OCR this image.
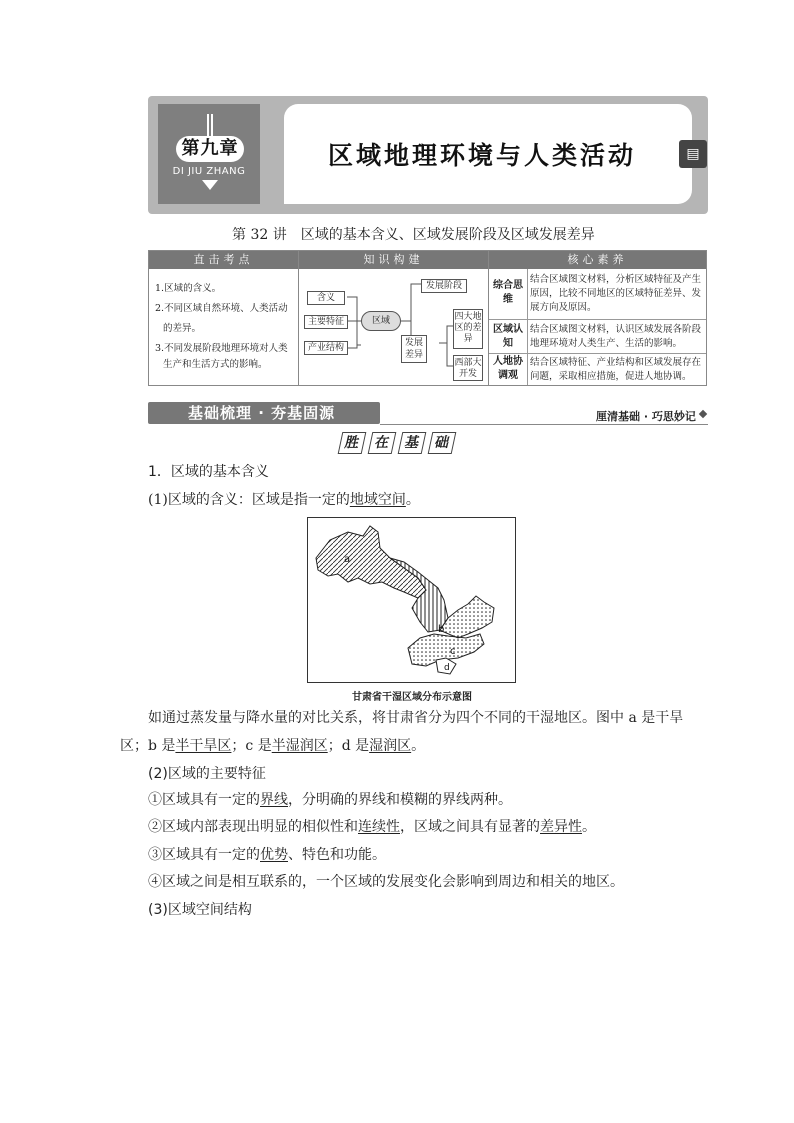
第九章
DI JIU ZHANG
区域地理环境与人类活动	▤
第 32 讲　区域的基本含义、区域发展阶段及区域发展差异
直击考点	知识构建	核心素养
1.区域的含义。
2.不同区域自然环境、人类活动
的差异。
3.不同发展阶段地理环境对人类
生产和生活方式的影响。
含义
主要特征
产业结构
区域
发展阶段
发展差异
四大地区的差异
西部大开发
综合思维
结合区域图文材料，分析区域特征及产生原因，比较不同地区的区域特征差异、发展方向及原因。
区域认知
结合区域图文材料，认识区域发展各阶段地理环境对人类生产、生活的影响。
人地协调观
结合区域特征、产业结构和区域发展存在问题，采取相应措施，促进人地协调。
基础梳理 · 夯基固源	厘清基础 · 巧思妙记
胜 在 基 础
1．区域的基本含义
(1)区域的含义：区域是指一定的地域空间。
a
b
c
d
甘肃省干湿区域分布示意图
如通过蒸发量与降水量的对比关系，将甘肃省分为四个不同的干湿地区。图中 a 是干旱
区；b 是半干旱区；c 是半湿润区；d 是湿润区。
(2)区域的主要特征
①区域具有一定的界线，分明确的界线和模糊的界线两种。
②区域内部表现出明显的相似性和连续性，区域之间具有显著的差异性。
③区域具有一定的优势、特色和功能。
④区域之间是相互联系的，一个区域的发展变化会影响到周边和相关的地区。
(3)区域空间结构
